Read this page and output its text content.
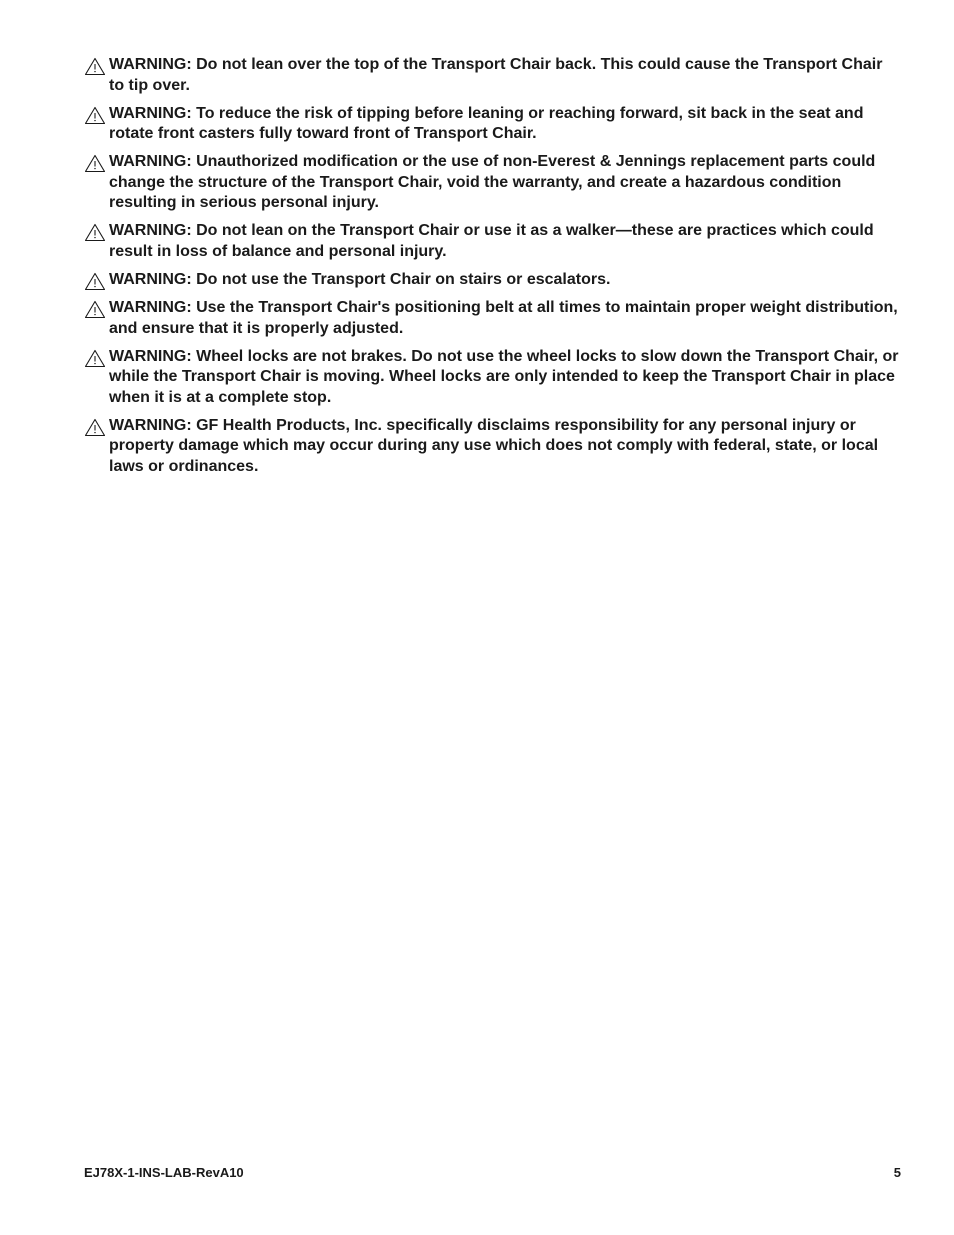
WARNING: Do not lean over the top of the Transport Chair back. This could cause the Transport Chair to tip over.
WARNING: To reduce the risk of tipping before leaning or reaching forward, sit back in the seat and rotate front casters fully toward front of Transport Chair.
WARNING: Unauthorized modification or the use of non-Everest & Jennings replacement parts could change the structure of the Transport Chair, void the warranty, and create a hazardous condition resulting in serious personal injury.
WARNING: Do not lean on the Transport Chair or use it as a walker—these are practices which could result in loss of balance and personal injury.
WARNING: Do not use the Transport Chair on stairs or escalators.
WARNING: Use the Transport Chair's positioning belt at all times to maintain proper weight distribution, and ensure that it is properly adjusted.
WARNING: Wheel locks are not brakes. Do not use the wheel locks to slow down the Transport Chair, or while the Transport Chair is moving. Wheel locks are only intended to keep the Transport Chair in place when it is at a complete stop.
WARNING: GF Health Products, Inc. specifically disclaims responsibility for any personal injury or property damage which may occur during any use which does not comply with federal, state, or local laws or ordinances.
EJ78X-1-INS-LAB-RevA10	5
